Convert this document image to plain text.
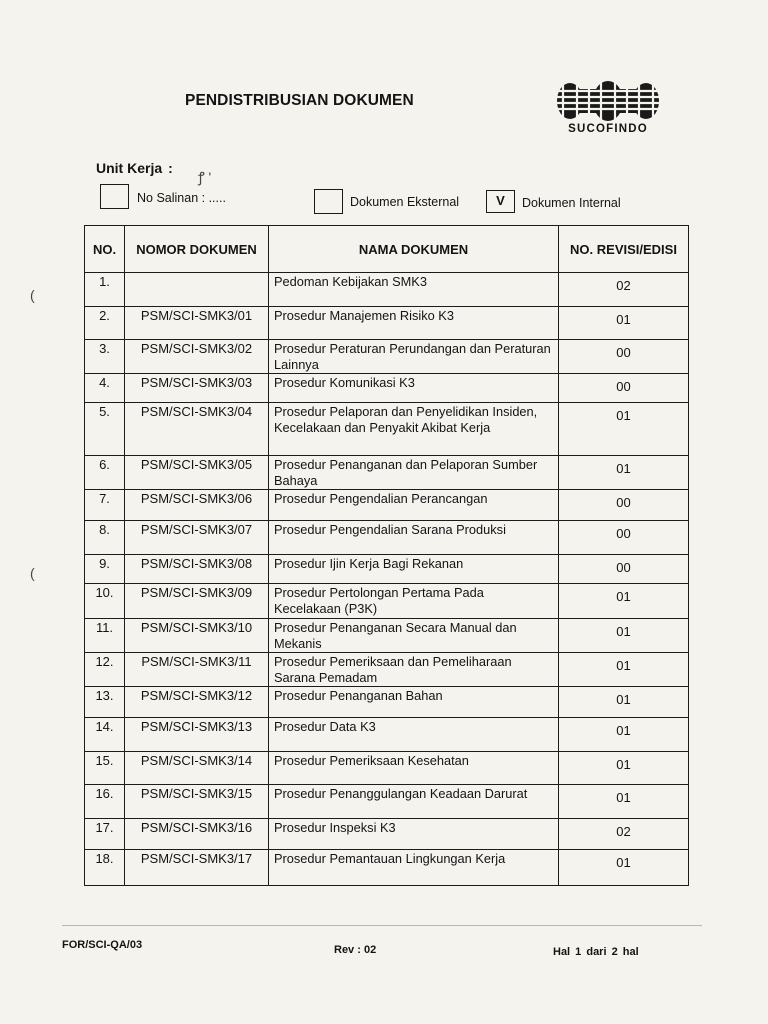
PENDISTRIBUSIAN DOKUMEN
SUCOFINDO
Unit Kerja :
ꝭ '
No Salinan : .....	Dokumen Eksternal	V	Dokumen Internal
(
(
NO.	NOMOR DOKUMEN	NAMA DOKUMEN	NO. REVISI/EDISI
1.		Pedoman Kebijakan SMK3	02
2.	PSM/SCI-SMK3/01	Prosedur Manajemen Risiko K3	01
3.	PSM/SCI-SMK3/02	Prosedur Peraturan Perundangan dan Peraturan Lainnya	00
4.	PSM/SCI-SMK3/03	Prosedur Komunikasi K3	00
5.	PSM/SCI-SMK3/04	Prosedur Pelaporan dan Penyelidikan Insiden, Kecelakaan dan Penyakit Akibat Kerja	01
6.	PSM/SCI-SMK3/05	Prosedur Penanganan dan Pelaporan Sumber Bahaya	01
7.	PSM/SCI-SMK3/06	Prosedur Pengendalian Perancangan	00
8.	PSM/SCI-SMK3/07	Prosedur Pengendalian Sarana Produksi	00
9.	PSM/SCI-SMK3/08	Prosedur Ijin Kerja Bagi Rekanan	00
10.	PSM/SCI-SMK3/09	Prosedur Pertolongan Pertama Pada Kecelakaan (P3K)	01
11.	PSM/SCI-SMK3/10	Prosedur Penanganan Secara Manual dan Mekanis	01
12.	PSM/SCI-SMK3/11	Prosedur Pemeriksaan dan Pemeliharaan Sarana Pemadam	01
13.	PSM/SCI-SMK3/12	Prosedur Penanganan Bahan	01
14.	PSM/SCI-SMK3/13	Prosedur Data K3	01
15.	PSM/SCI-SMK3/14	Prosedur Pemeriksaan Kesehatan	01
16.	PSM/SCI-SMK3/15	Prosedur Penanggulangan Keadaan Darurat	01
17.	PSM/SCI-SMK3/16	Prosedur Inspeksi K3	02
18.	PSM/SCI-SMK3/17	Prosedur Pemantauan Lingkungan Kerja	01
FOR/SCI-QA/03	Rev : 02	Hal 1 dari 2 hal
